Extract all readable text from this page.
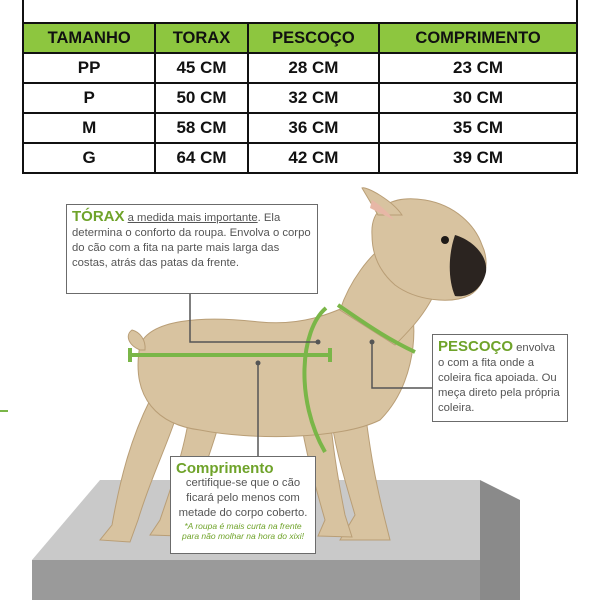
TAMANHO	TORAX	PESCOÇO	COMPRIMENTO
PP	45 CM	28 CM	23 CM
P	50 CM	32 CM	30 CM
M	58 CM	36 CM	35 CM
G	64 CM	42 CM	39 CM
TÓRAX a medida mais importante. Ela determina o conforto da roupa. Envolva o corpo do cão com a fita na parte mais larga das costas, atrás das patas da frente.
PESCOÇO envolva o com a fita onde a coleira fica apoiada. Ou meça direto pela própria coleira.
Comprimento
certifique-se que o cão ficará pelo menos com metade do corpo coberto.
*A roupa é mais curta na frente para não molhar na hora do xixi!
